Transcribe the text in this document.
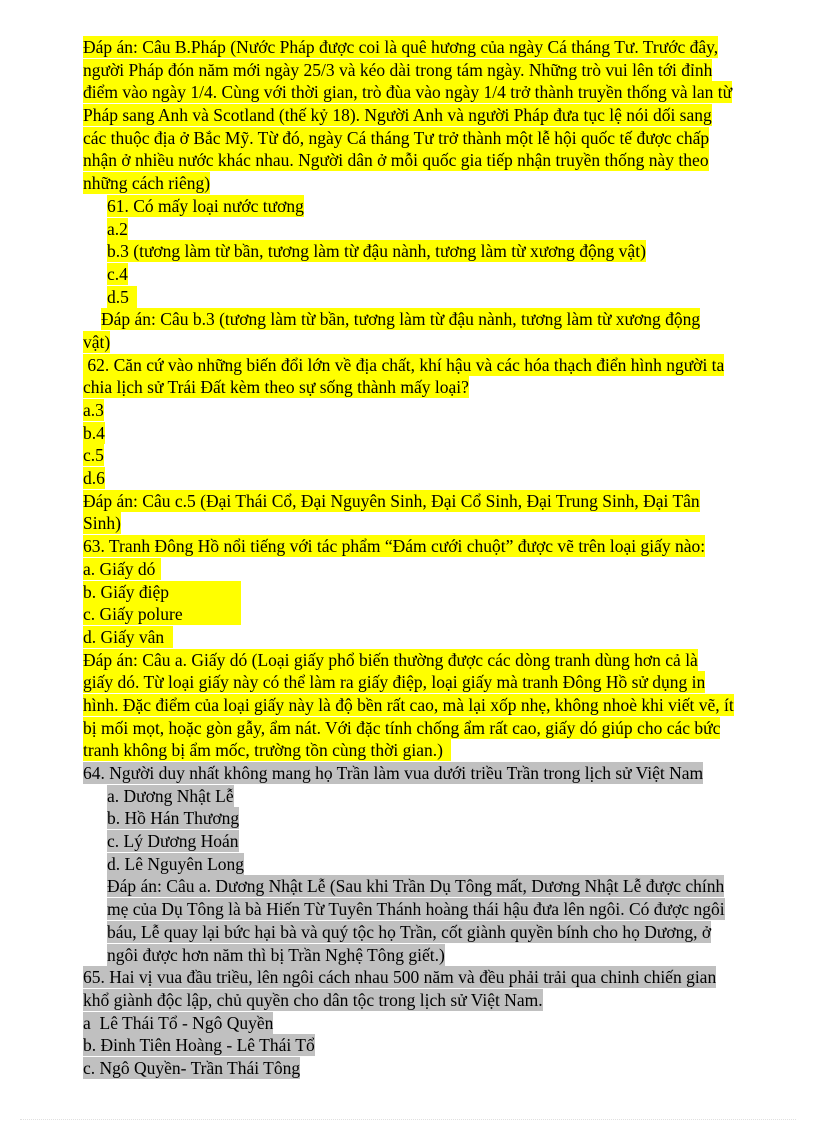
Đáp án: Câu B.Pháp (Nước Pháp được coi là quê hương của ngày Cá tháng Tư. Trước đây,
người Pháp đón năm mới ngày 25/3 và kéo dài trong tám ngày. Những trò vui lên tới đỉnh
điểm vào ngày 1/4. Cùng với thời gian, trò đùa vào ngày 1/4 trở thành truyền thống và lan từ
Pháp sang Anh và Scotland (thế kỷ 18). Người Anh và người Pháp đưa tục lệ nói dối sang
các thuộc địa ở Bắc Mỹ. Từ đó, ngày Cá tháng Tư trở thành một lễ hội quốc tế được chấp
nhận ở nhiều nước khác nhau. Người dân ở mỗi quốc gia tiếp nhận truyền thống này theo
những cách riêng)
61. Có mấy loại nước tương
a.2
b.3 (tương làm từ bần, tương làm từ đậu nành, tương làm từ xương động vật)
c.4
d.5
Đáp án: Câu b.3 (tương làm từ bần, tương làm từ đậu nành, tương làm từ xương động
vật)
62. Căn cứ vào những biến đổi lớn về địa chất, khí hậu và các hóa thạch điển hình người ta
chia lịch sử Trái Đất kèm theo sự sống thành mấy loại?
a.3
b.4
c.5
d.6
Đáp án: Câu c.5 (Đại Thái Cổ, Đại Nguyên Sinh, Đại Cổ Sinh, Đại Trung Sinh, Đại Tân
Sinh)
63. Tranh Đông Hồ nổi tiếng với tác phẩm “Đám cưới chuột” được vẽ trên loại giấy nào:
a. Giấy dó
b. Giấy điệp
c. Giấy polure
d. Giấy vân
Đáp án: Câu a. Giấy dó (Loại giấy phổ biến thường được các dòng tranh dùng hơn cả là
giấy dó. Từ loại giấy này có thể làm ra giấy điệp, loại giấy mà tranh Đông Hồ sử dụng in
hình. Đặc điểm của loại giấy này là độ bền rất cao, mà lại xốp nhẹ, không nhoè khi viết vẽ, ít
bị mối mọt, hoặc gòn gẫy, ẩm nát. Với đặc tính chống ẩm rất cao, giấy dó giúp cho các bức
tranh không bị ẩm mốc, trường tồn cùng thời gian.)
64. Người duy nhất không mang họ Trần làm vua dưới triều Trần trong lịch sử Việt Nam
a. Dương Nhật Lễ
b. Hồ Hán Thương
c. Lý Dương Hoán
d. Lê Nguyên Long
Đáp án: Câu a. Dương Nhật Lễ (Sau khi Trần Dụ Tông mất, Dương Nhật Lễ được chính
mẹ của Dụ Tông là bà Hiến Từ Tuyên Thánh hoàng thái hậu đưa lên ngôi. Có được ngôi
báu, Lễ quay lại bức hại bà và quý tộc họ Trần, cốt giành quyền bính cho họ Dương, ở
ngôi được hơn năm thì bị Trần Nghệ Tông giết.)
65. Hai vị vua đầu triều, lên ngôi cách nhau 500 năm và đều phải trải qua chinh chiến gian
khổ giành độc lập, chủ quyền cho dân tộc trong lịch sử Việt Nam.
a  Lê Thái Tổ - Ngô Quyền
b. Đinh Tiên Hoàng - Lê Thái Tổ
c. Ngô Quyền- Trần Thái Tông
